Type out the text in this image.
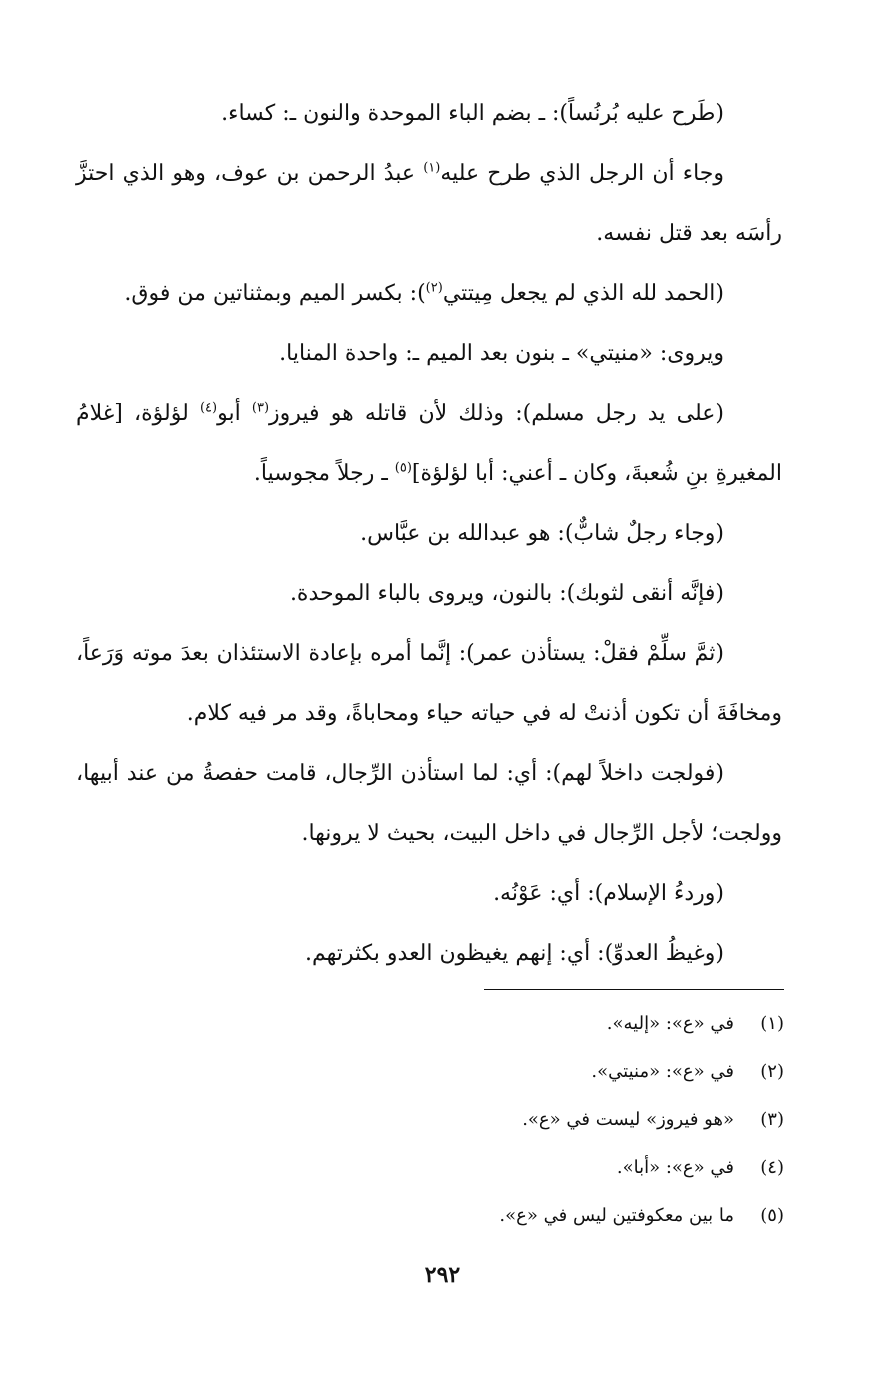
(طَرح عليه بُرنُساً): ـ بضم الباء الموحدة والنون ـ: كساء.

وجاء أن الرجل الذي طرح عليه$^{(١)}$ عبدُ الرحمن بن عوف، وهو الذي احتزَّ رأسَه بعد قتل نفسه.

(الحمد لله الذي لم يجعل مِيتتي$^{(٢)}$): بكسر الميم وبمثناتين من فوق.

ويروى: «منيتي» ـ بنون بعد الميم ـ: واحدة المنايا.

(على يد رجل مسلم): وذلك لأن قاتله هو فيروز$^{(٣)}$ أبو$^{(٤)}$ لؤلؤة، [غلامُ المغيرةِ بنِ شُعبةَ، وكان ـ أعني: أبا لؤلؤة]$^{(٥)}$ ـ رجلاً مجوسياً.

(وجاء رجلٌ شابٌّ): هو عبدالله بن عبَّاس.

(فإنَّه أنقى لثوبك): بالنون، ويروى بالباء الموحدة.

(ثمَّ سلِّمْ فقلْ: يستأذن عمر): إنَّما أمره بإعادة الاستئذان بعدَ موته وَرَعاً، ومخافَةَ أن تكون أذنتْ له في حياته حياء ومحاباةً، وقد مر فيه كلام.

(فولجت داخلاً لهم): أي: لما استأذن الرِّجال، قامت حفصةُ من عند أبيها، وولجت؛ لأجل الرِّجال في داخل البيت، بحيث لا يرونها.

(وردءُ الإسلام): أي: عَوْنُه.

(وغيظُ العدوِّ): أي: إنهم يغيظون العدو بكثرتهم.

(١)
في «ع»: «إليه».
(٢)
في «ع»: «منيتي».
(٣)
«هو فيروز» ليست في «ع».
(٤)
في «ع»: «أبا».
(٥)
ما بين معكوفتين ليس في «ع».
٢٩٢
